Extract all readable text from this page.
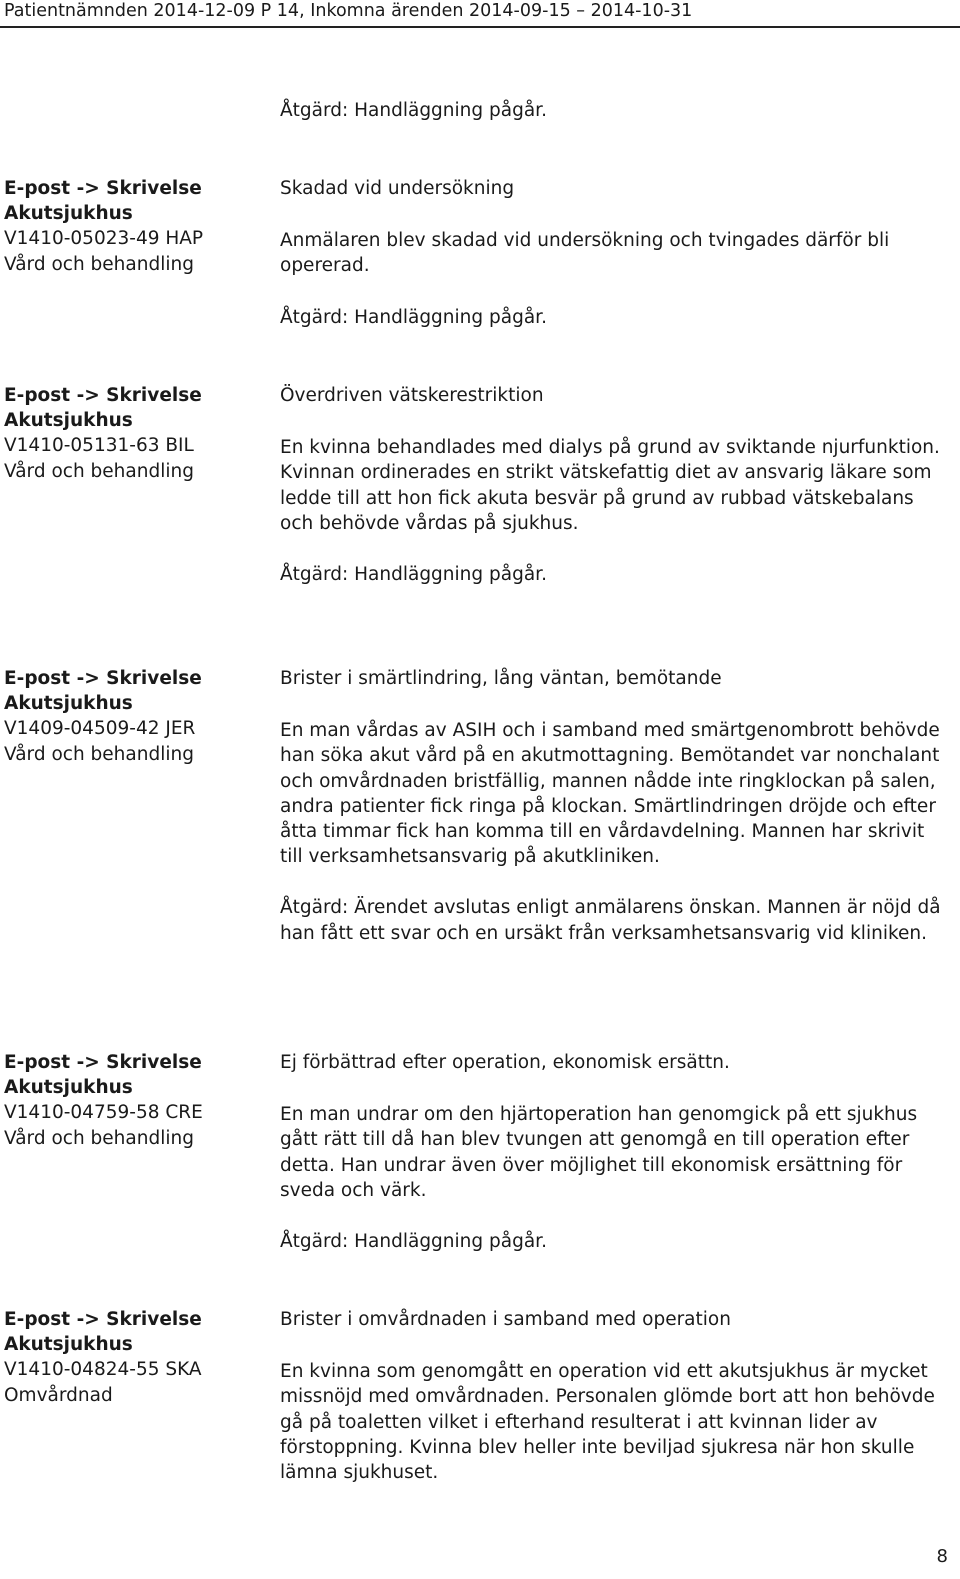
Patientnämnden 2014-12-09 P 14, Inkomna ärenden 2014-09-15 – 2014-10-31

Åtgärd: Handläggning pågår.

E-post -> Skrivelse
Akutsjukhus
V1410-05023-49 HAP
Vård och behandling

Skadad vid undersökning

Anmälaren blev skadad vid undersökning och tvingades därför bli opererad.

Åtgärd: Handläggning pågår.

E-post -> Skrivelse
Akutsjukhus
V1410-05131-63 BIL
Vård och behandling

Överdriven vätskerestriktion

En kvinna behandlades med dialys på grund av sviktande njurfunktion. Kvinnan ordinerades en strikt vätskefattig diet av ansvarig läkare som ledde till att hon fick akuta besvär på grund av rubbad vätskebalans och behövde vårdas på sjukhus.

Åtgärd: Handläggning pågår.

E-post -> Skrivelse
Akutsjukhus
V1409-04509-42 JER
Vård och behandling

Brister i smärtlindring, lång väntan, bemötande

En man vårdas av ASIH och i samband med smärtgenombrott behövde han söka akut vård på en akutmottagning. Bemötandet var nonchalant och omvårdnaden bristfällig, mannen nådde inte ringklockan på salen, andra patienter fick ringa på klockan. Smärtlindringen dröjde och efter åtta timmar fick han komma till en vårdavdelning. Mannen har skrivit till verksamhetsansvarig på akutkliniken.

Åtgärd: Ärendet avslutas enligt anmälarens önskan. Mannen är nöjd då han fått ett svar och en ursäkt från verksamhetsansvarig vid kliniken.

E-post -> Skrivelse
Akutsjukhus
V1410-04759-58 CRE
Vård och behandling

Ej förbättrad efter operation, ekonomisk ersättn.

En man undrar om den hjärtoperation han genomgick på ett sjukhus gått rätt till då han blev tvungen att genomgå en till operation efter detta. Han undrar även över möjlighet till ekonomisk ersättning för sveda och värk.

Åtgärd: Handläggning pågår.

E-post -> Skrivelse
Akutsjukhus
V1410-04824-55 SKA
Omvårdnad

Brister i omvårdnaden i samband med operation

En kvinna som genomgått en operation vid ett akutsjukhus är mycket missnöjd med omvårdnaden. Personalen glömde bort att hon behövde gå på toaletten vilket i efterhand resulterat i att kvinnan lider av förstoppning. Kvinna blev heller inte beviljad sjukresa när hon skulle lämna sjukhuset.

8
